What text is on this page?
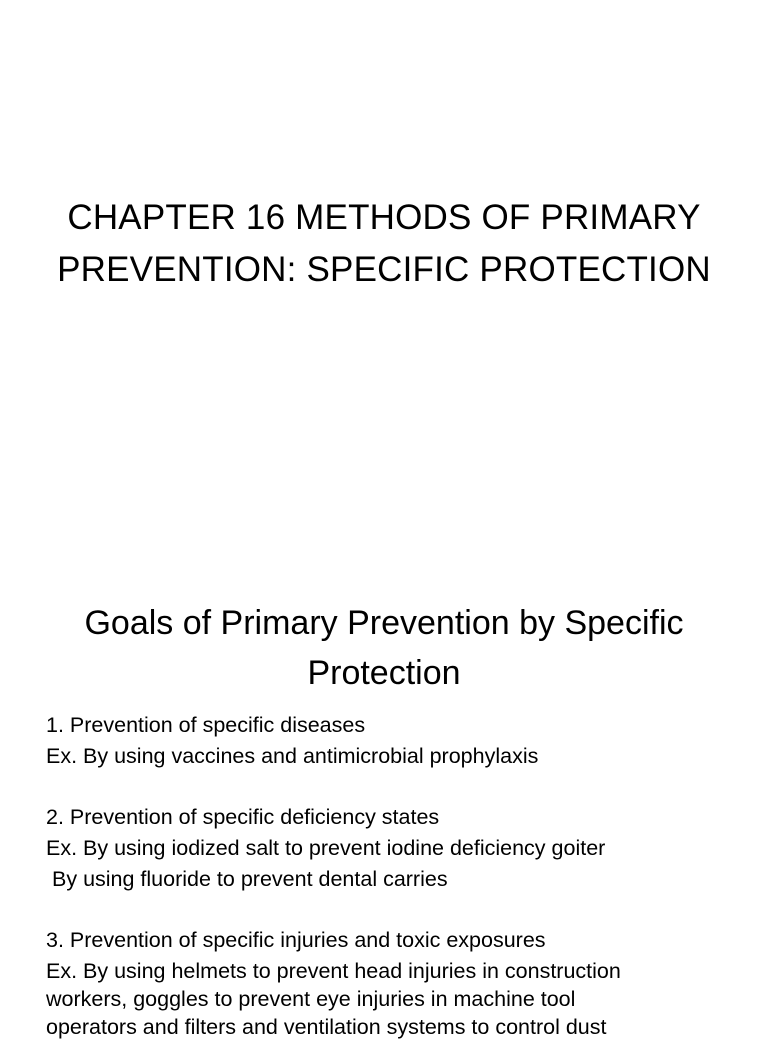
CHAPTER 16 METHODS OF PRIMARY
PREVENTION: SPECIFIC PROTECTION
Goals of Primary Prevention by Specific
Protection
1. Prevention of specific diseases
Ex. By using vaccines and antimicrobial prophylaxis
2. Prevention of specific deficiency states
Ex. By using iodized salt to prevent iodine deficiency goiter
By using fluoride to prevent dental carries
3. Prevention of specific injuries and toxic exposures
Ex. By using helmets to prevent head injuries in construction
workers, goggles to prevent eye injuries in machine tool
operators and filters and ventilation systems to control dust
